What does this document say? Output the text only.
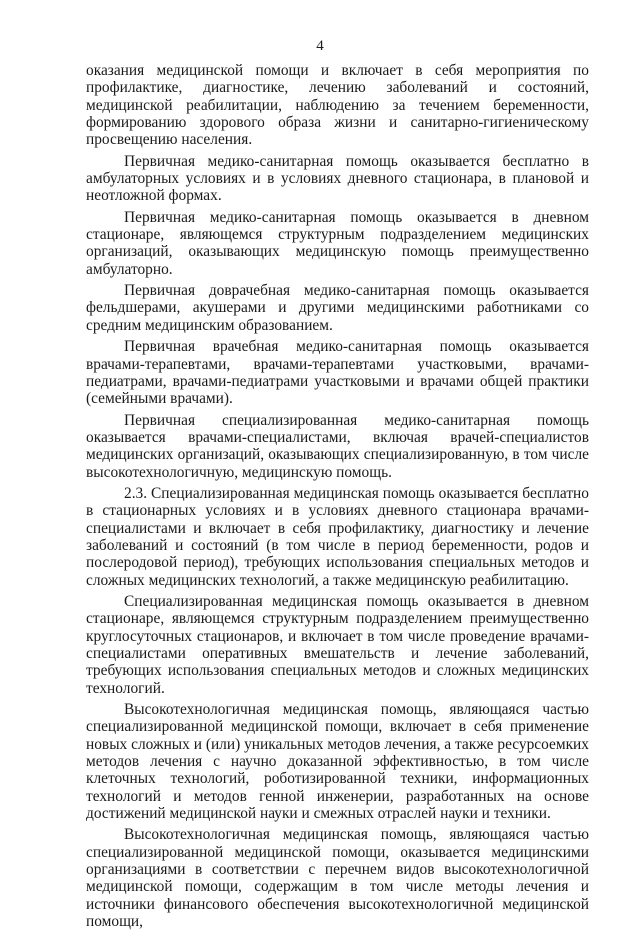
4

оказания медицинской помощи и включает в себя мероприятия по профилактике, диагностике, лечению заболеваний и состояний, медицинской реабилитации, наблюдению за течением беременности, формированию здорового образа жизни и санитарно-гигиеническому просвещению населения.

Первичная медико-санитарная помощь оказывается бесплатно в амбулаторных условиях и в условиях дневного стационара, в плановой и неотложной формах.

Первичная медико-санитарная помощь оказывается в дневном стационаре, являющемся структурным подразделением медицинских организаций, оказывающих медицинскую помощь преимущественно амбулаторно.

Первичная доврачебная медико-санитарная помощь оказывается фельдшерами, акушерами и другими медицинскими работниками со средним медицинским образованием.

Первичная врачебная медико-санитарная помощь оказывается врачами-терапевтами, врачами-терапевтами участковыми, врачами-педиатрами, врачами-педиатрами участковыми и врачами общей практики (семейными врачами).

Первичная специализированная медико-санитарная помощь оказывается врачами-специалистами, включая врачей-специалистов медицинских организаций, оказывающих специализированную, в том числе высокотехнологичную, медицинскую помощь.

2.3. Специализированная медицинская помощь оказывается бесплатно в стационарных условиях и в условиях дневного стационара врачами-специалистами и включает в себя профилактику, диагностику и лечение заболеваний и состояний (в том числе в период беременности, родов и послеродовой период), требующих использования специальных методов и сложных медицинских технологий, а также медицинскую реабилитацию.

Специализированная медицинская помощь оказывается в дневном стационаре, являющемся структурным подразделением преимущественно круглосуточных стационаров, и включает в том числе проведение врачами-специалистами оперативных вмешательств и лечение заболеваний, требующих использования специальных методов и сложных медицинских технологий.

Высокотехнологичная медицинская помощь, являющаяся частью специализированной медицинской помощи, включает в себя применение новых сложных и (или) уникальных методов лечения, а также ресурсоемких методов лечения с научно доказанной эффективностью, в том числе клеточных технологий, роботизированной техники, информационных технологий и методов генной инженерии, разработанных на основе достижений медицинской науки и смежных отраслей науки и техники.

Высокотехнологичная медицинская помощь, являющаяся частью специализированной медицинской помощи, оказывается медицинскими организациями в соответствии с перечнем видов высокотехнологичной медицинской помощи, содержащим в том числе методы лечения и источники финансового обеспечения высокотехнологичной медицинской помощи,
